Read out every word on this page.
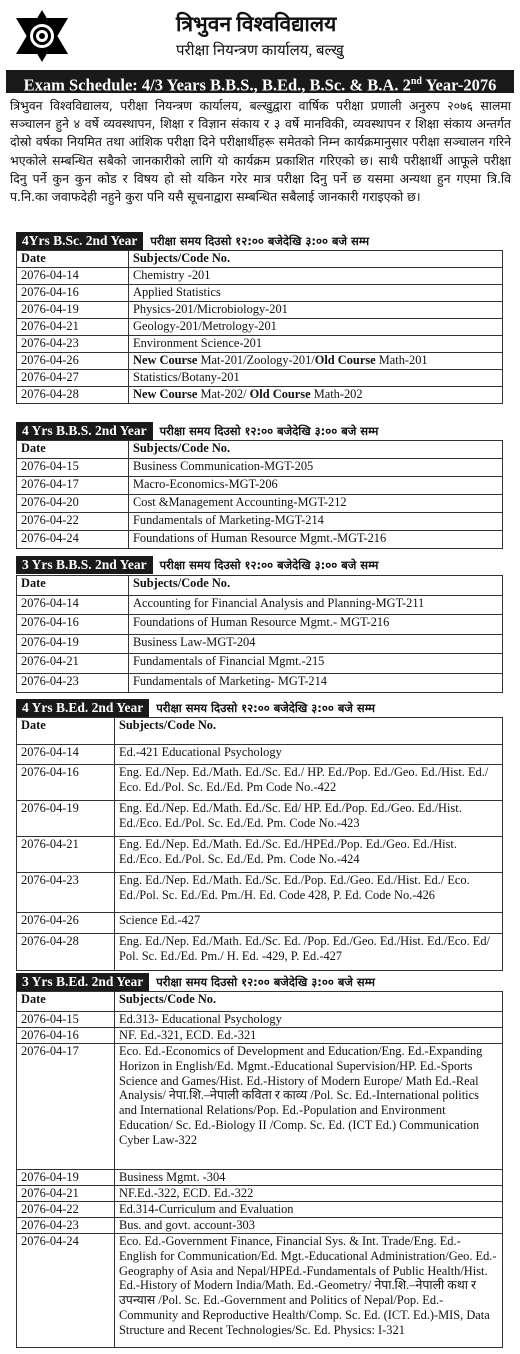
त्रिभुवन विश्वविद्यालय
परीक्षा नियन्त्रण कार्यालय, बल्खु
Exam Schedule: 4/3 Years B.B.S., B.Ed., B.Sc. & B.A. 2nd Year-2076
त्रिभुवन विश्वविद्यालय, परीक्षा नियन्त्रण कार्यालय, बल्खुद्वारा वार्षिक परीक्षा प्रणाली अनुरुप २०७६ सालमा सञ्चालन हुने ४ वर्षे व्यवस्थापन, शिक्षा र विज्ञान संकाय र ३ वर्षे मानविकी, व्यवस्थापन र शिक्षा संकाय अन्तर्गत दोस्रो वर्षका नियमित तथा आंशिक परीक्षा दिने परीक्षार्थीहरू समेतको निम्न कार्यक्रमानुसार परीक्षा सञ्चालन गरिने भएकोले सम्बन्धित सबैको जानकारीको लागि यो कार्यक्रम प्रकाशित गरिएको छ। साथै परीक्षार्थी आफूले परीक्षा दिनु पर्ने कुन कुन कोड र विषय हो सो यकिन गरेर मात्र परीक्षा दिनु पर्ने छ यसमा अन्यथा हुन गएमा त्रि.वि प.नि.का जवाफदेही नहुने कुरा पनि यसै सूचनाद्वारा सम्बन्धित सबैलाई जानकारी गराइएको छ।
4Yrs B.Sc. 2nd Year	परीक्षा समय दिउसो १२:०० बजेदेखि ३:०० बजे सम्म
Date	Subjects/Code No.
2076-04-14	Chemistry -201
2076-04-16	Applied Statistics
2076-04-19	Physics-201/Microbiology-201
2076-04-21	Geology-201/Metrology-201
2076-04-23	Environment Science-201
2076-04-26	New Course Mat-201/Zoology-201/Old Course Math-201
2076-04-27	Statistics/Botany-201
2076-04-28	New Course Mat-202/ Old Course Math-202
4 Yrs B.B.S. 2nd Year	परीक्षा समय दिउसो १२:०० बजेदेखि ३:०० बजे सम्म
Date	Subjects/Code No.
2076-04-15	Business Communication-MGT-205
2076-04-17	Macro-Economics-MGT-206
2076-04-20	Cost &Management Accounting-MGT-212
2076-04-22	Fundamentals of Marketing-MGT-214
2076-04-24	Foundations of Human Resource Mgmt.-MGT-216
3 Yrs B.B.S. 2nd Year	परीक्षा समय दिउसो १२:०० बजेदेखि ३:०० बजे सम्म
Date	Subjects/Code No.
2076-04-14	Accounting for Financial Analysis and Planning-MGT-211
2076-04-16	Foundations of Human Resource Mgmt.- MGT-216
2076-04-19	Business Law-MGT-204
2076-04-21	Fundamentals of Financial Mgmt.-215
2076-04-23	Fundamentals of Marketing- MGT-214
4 Yrs B.Ed. 2nd Year	परीक्षा समय दिउसो १२:०० बजेदेखि ३:०० बजे सम्म
Date	Subjects/Code No.
2076-04-14	Ed.-421 Educational Psychology
2076-04-16	Eng. Ed./Nep. Ed./Math. Ed./Sc. Ed./ HP. Ed./Pop. Ed./Geo. Ed./Hist. Ed./ Eco. Ed./Pol. Sc. Ed./Ed. Pm Code No.-422
2076-04-19	Eng. Ed./Nep. Ed./Math. Ed./Sc. Ed/ HP. Ed./Pop. Ed./Geo. Ed./Hist. Ed./Eco. Ed./Pol. Sc. Ed./Ed. Pm. Code No.-423
2076-04-21	Eng. Ed./Nep. Ed./Math. Ed./Sc. Ed./HPEd./Pop. Ed./Geo. Ed./Hist. Ed./Eco. Ed./Pol. Sc. Ed./Ed. Pm. Code No.-424
2076-04-23	Eng. Ed./Nep. Ed./Math. Ed./Sc. Ed./Pop. Ed./Geo. Ed./Hist. Ed./ Eco. Ed./Pol. Sc. Ed./Ed. Pm./H. Ed. Code 428, P. Ed. Code No.-426
2076-04-26	Science Ed.-427
2076-04-28	Eng. Ed./Nep. Ed./Math. Ed./Sc. Ed. /Pop. Ed./Geo. Ed./Hist. Ed./Eco. Ed/ Pol. Sc. Ed./Ed. Pm./ H. Ed. -429, P. Ed.-427
3 Yrs B.Ed. 2nd Year	परीक्षा समय दिउसो १२:०० बजेदेखि ३:०० बजे सम्म
Date	Subjects/Code No.
2076-04-15	Ed.313- Educational Psychology
2076-04-16	NF. Ed.-321, ECD. Ed.-321
2076-04-17	Eco. Ed.-Economics of Development and Education/Eng. Ed.-Expanding Horizon in English/Ed. Mgmt.-Educational Supervision/HP. Ed.-Sports Science and Games/Hist. Ed.-History of Modern Europe/ Math Ed.-Real Analysis/ नेपा.शि.–नेपाली कविता र काव्य /Pol. Sc. Ed.-International politics and International Relations/Pop. Ed.-Population and Environment Education/ Sc. Ed.-Biology II /Comp. Sc. Ed. (ICT Ed.) Communication Cyber Law-322
2076-04-19	Business Mgmt. -304
2076-04-21	NF.Ed.-322, ECD. Ed.-322
2076-04-22	Ed.314-Curriculum and Evaluation
2076-04-23	Bus. and govt. account-303
2076-04-24	Eco. Ed.-Government Finance, Financial Sys. & Int. Trade/Eng. Ed.-English for Communication/Ed. Mgt.-Educational Administration/Geo. Ed.-Geography of Asia and Nepal/HPEd.-Fundamentals of Public Health/Hist. Ed.-History of Modern India/Math. Ed.-Geometry/ नेपा.शि.–नेपाली कथा र उपन्यास /Pol. Sc. Ed.-Government and Politics of Nepal/Pop. Ed.-Community and Reproductive Health/Comp. Sc. Ed. (ICT. Ed.)-MIS, Data Structure and Recent Technologies/Sc. Ed. Physics: I-321
